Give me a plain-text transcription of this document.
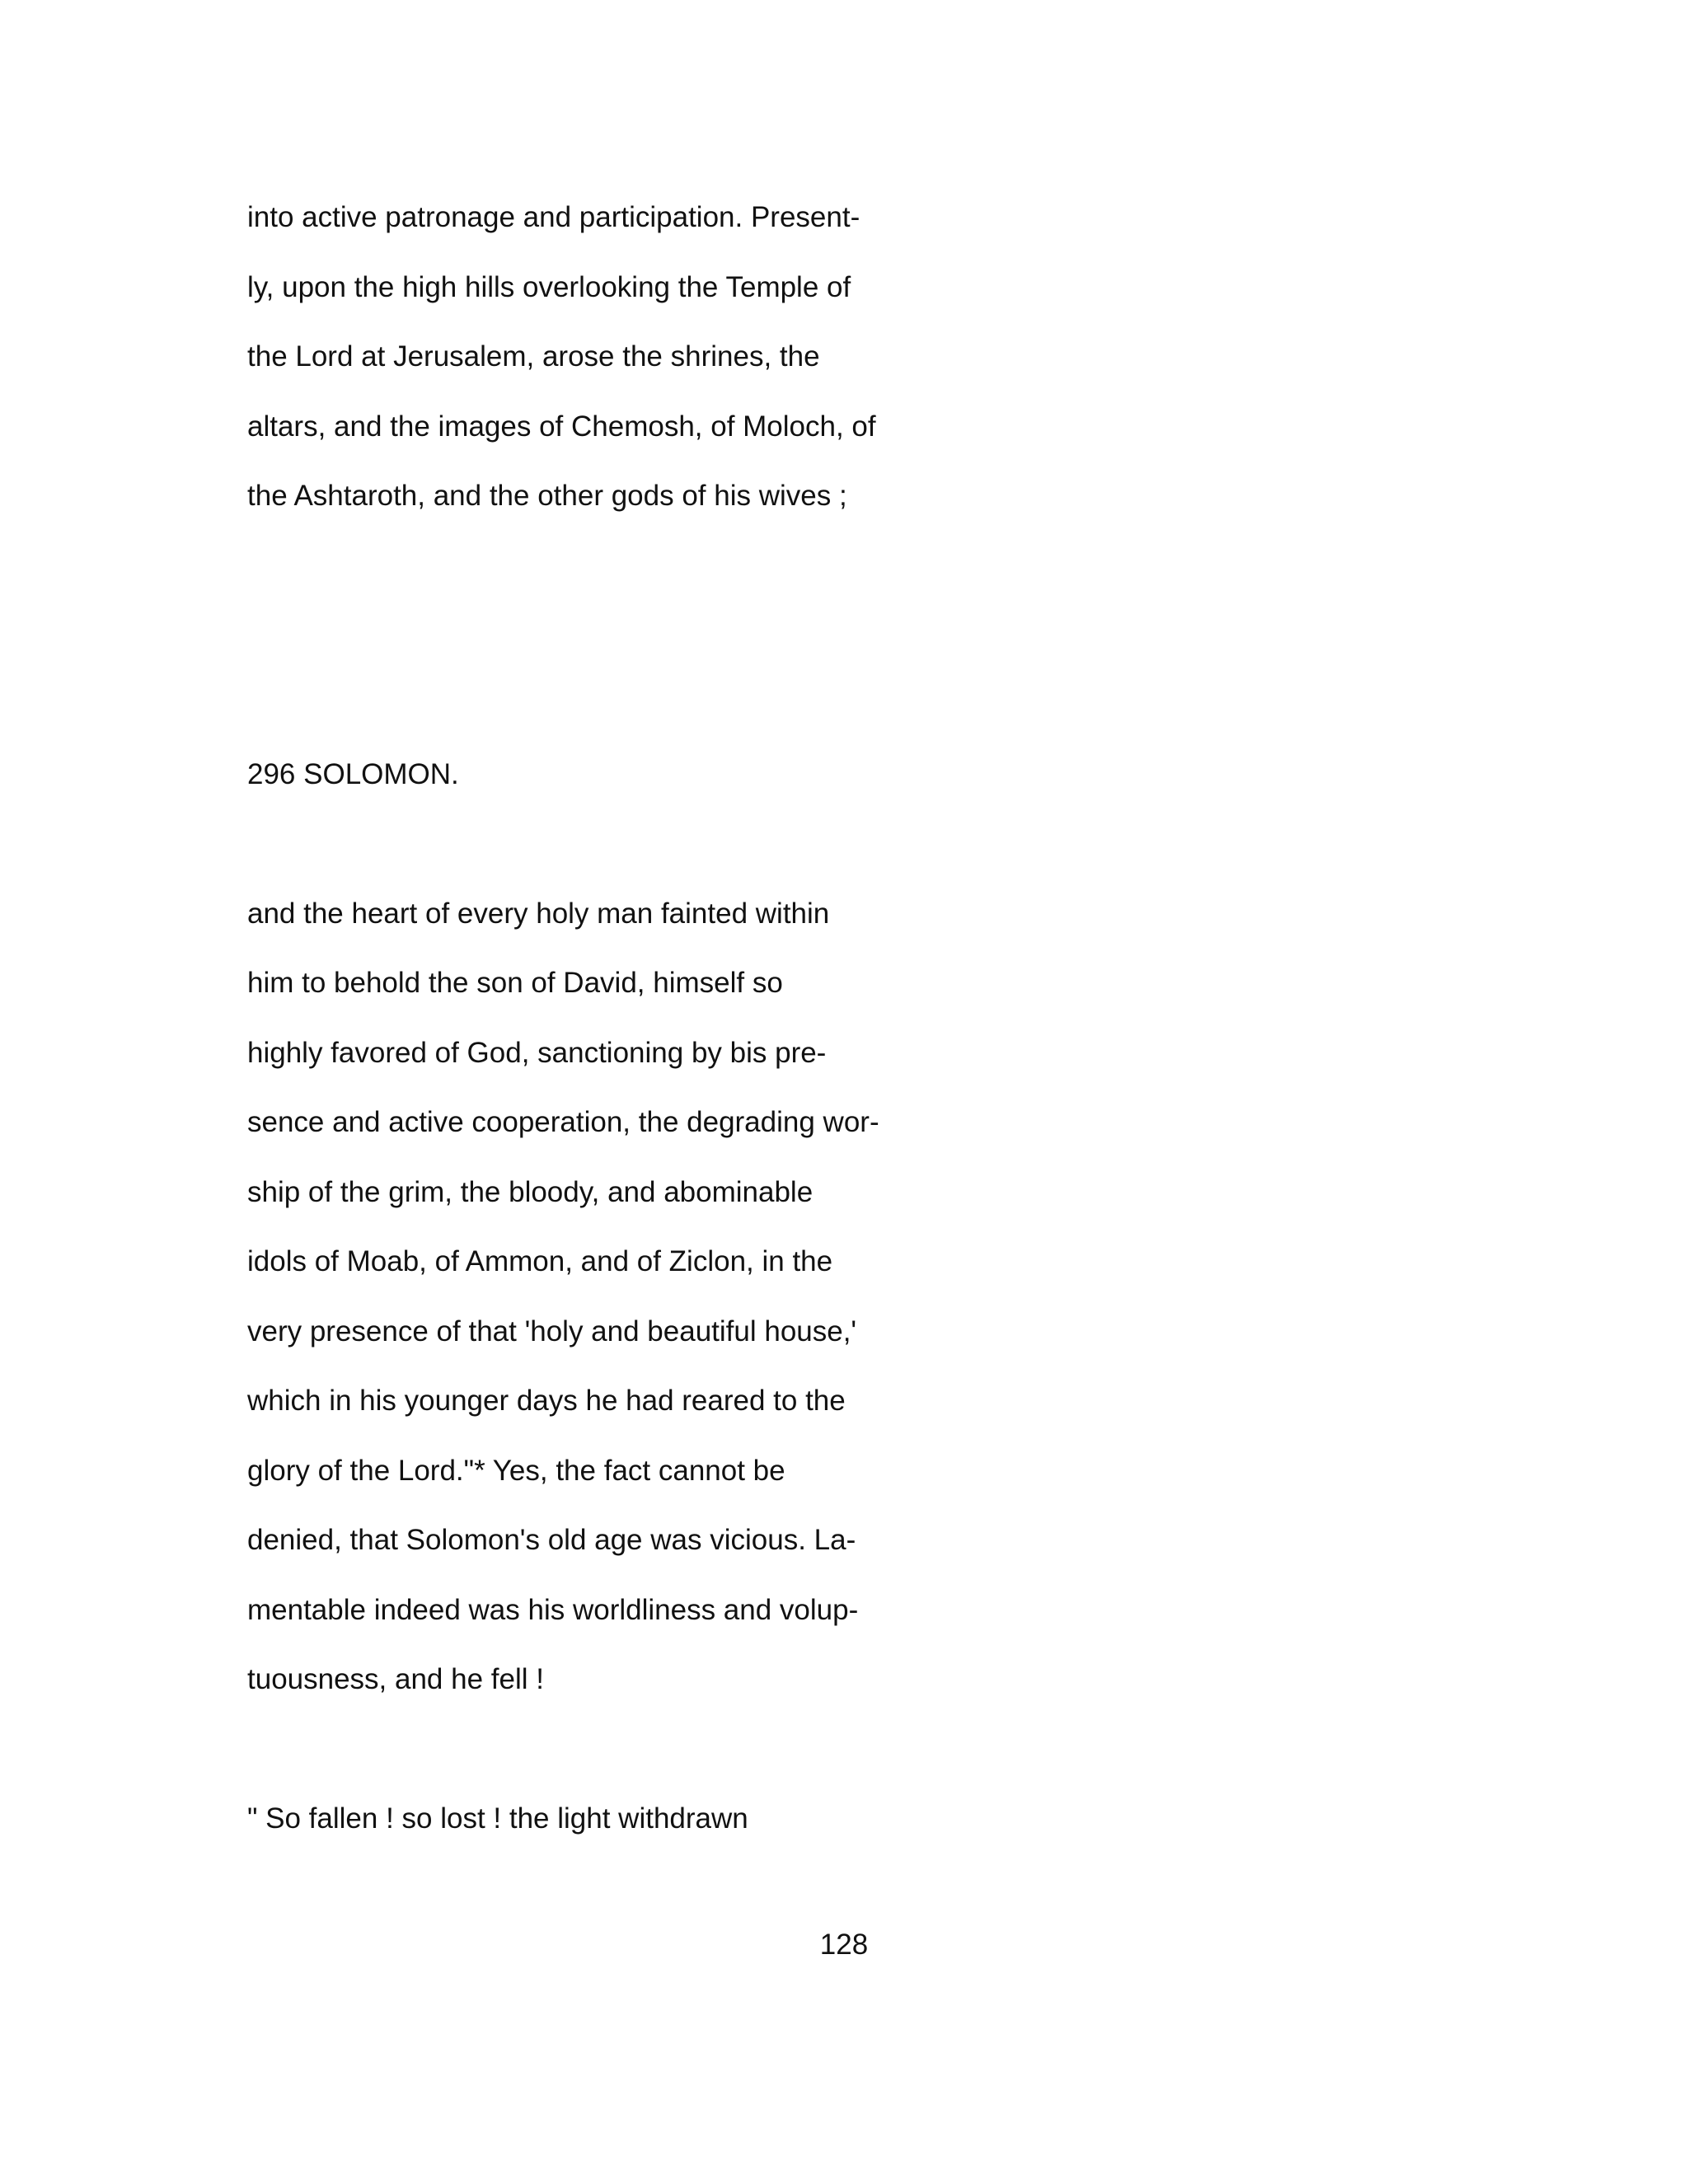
into active patronage and participation. Present-
ly, upon the high hills overlooking the Temple of
the Lord at Jerusalem, arose the shrines, the
altars, and the images of Chemosh, of Moloch, of
the Ashtaroth, and the other gods of his wives ;
296 SOLOMON.
and the heart of every holy man fainted within
him to behold the son of David, himself so
highly favored of God, sanctioning by bis pre-
sence and active cooperation, the degrading wor-
ship of the grim, the bloody, and abominable
idols of Moab, of Ammon, and of Ziclon, in the
very presence of that 'holy and beautiful house,'
which in his younger days he had reared to the
glory of the Lord."* Yes, the fact cannot be
denied, that Solomon's old age was vicious. La-
mentable indeed was his worldliness and volup-
tuousness, and he fell !
" So fallen ! so lost ! the light withdrawn
128
